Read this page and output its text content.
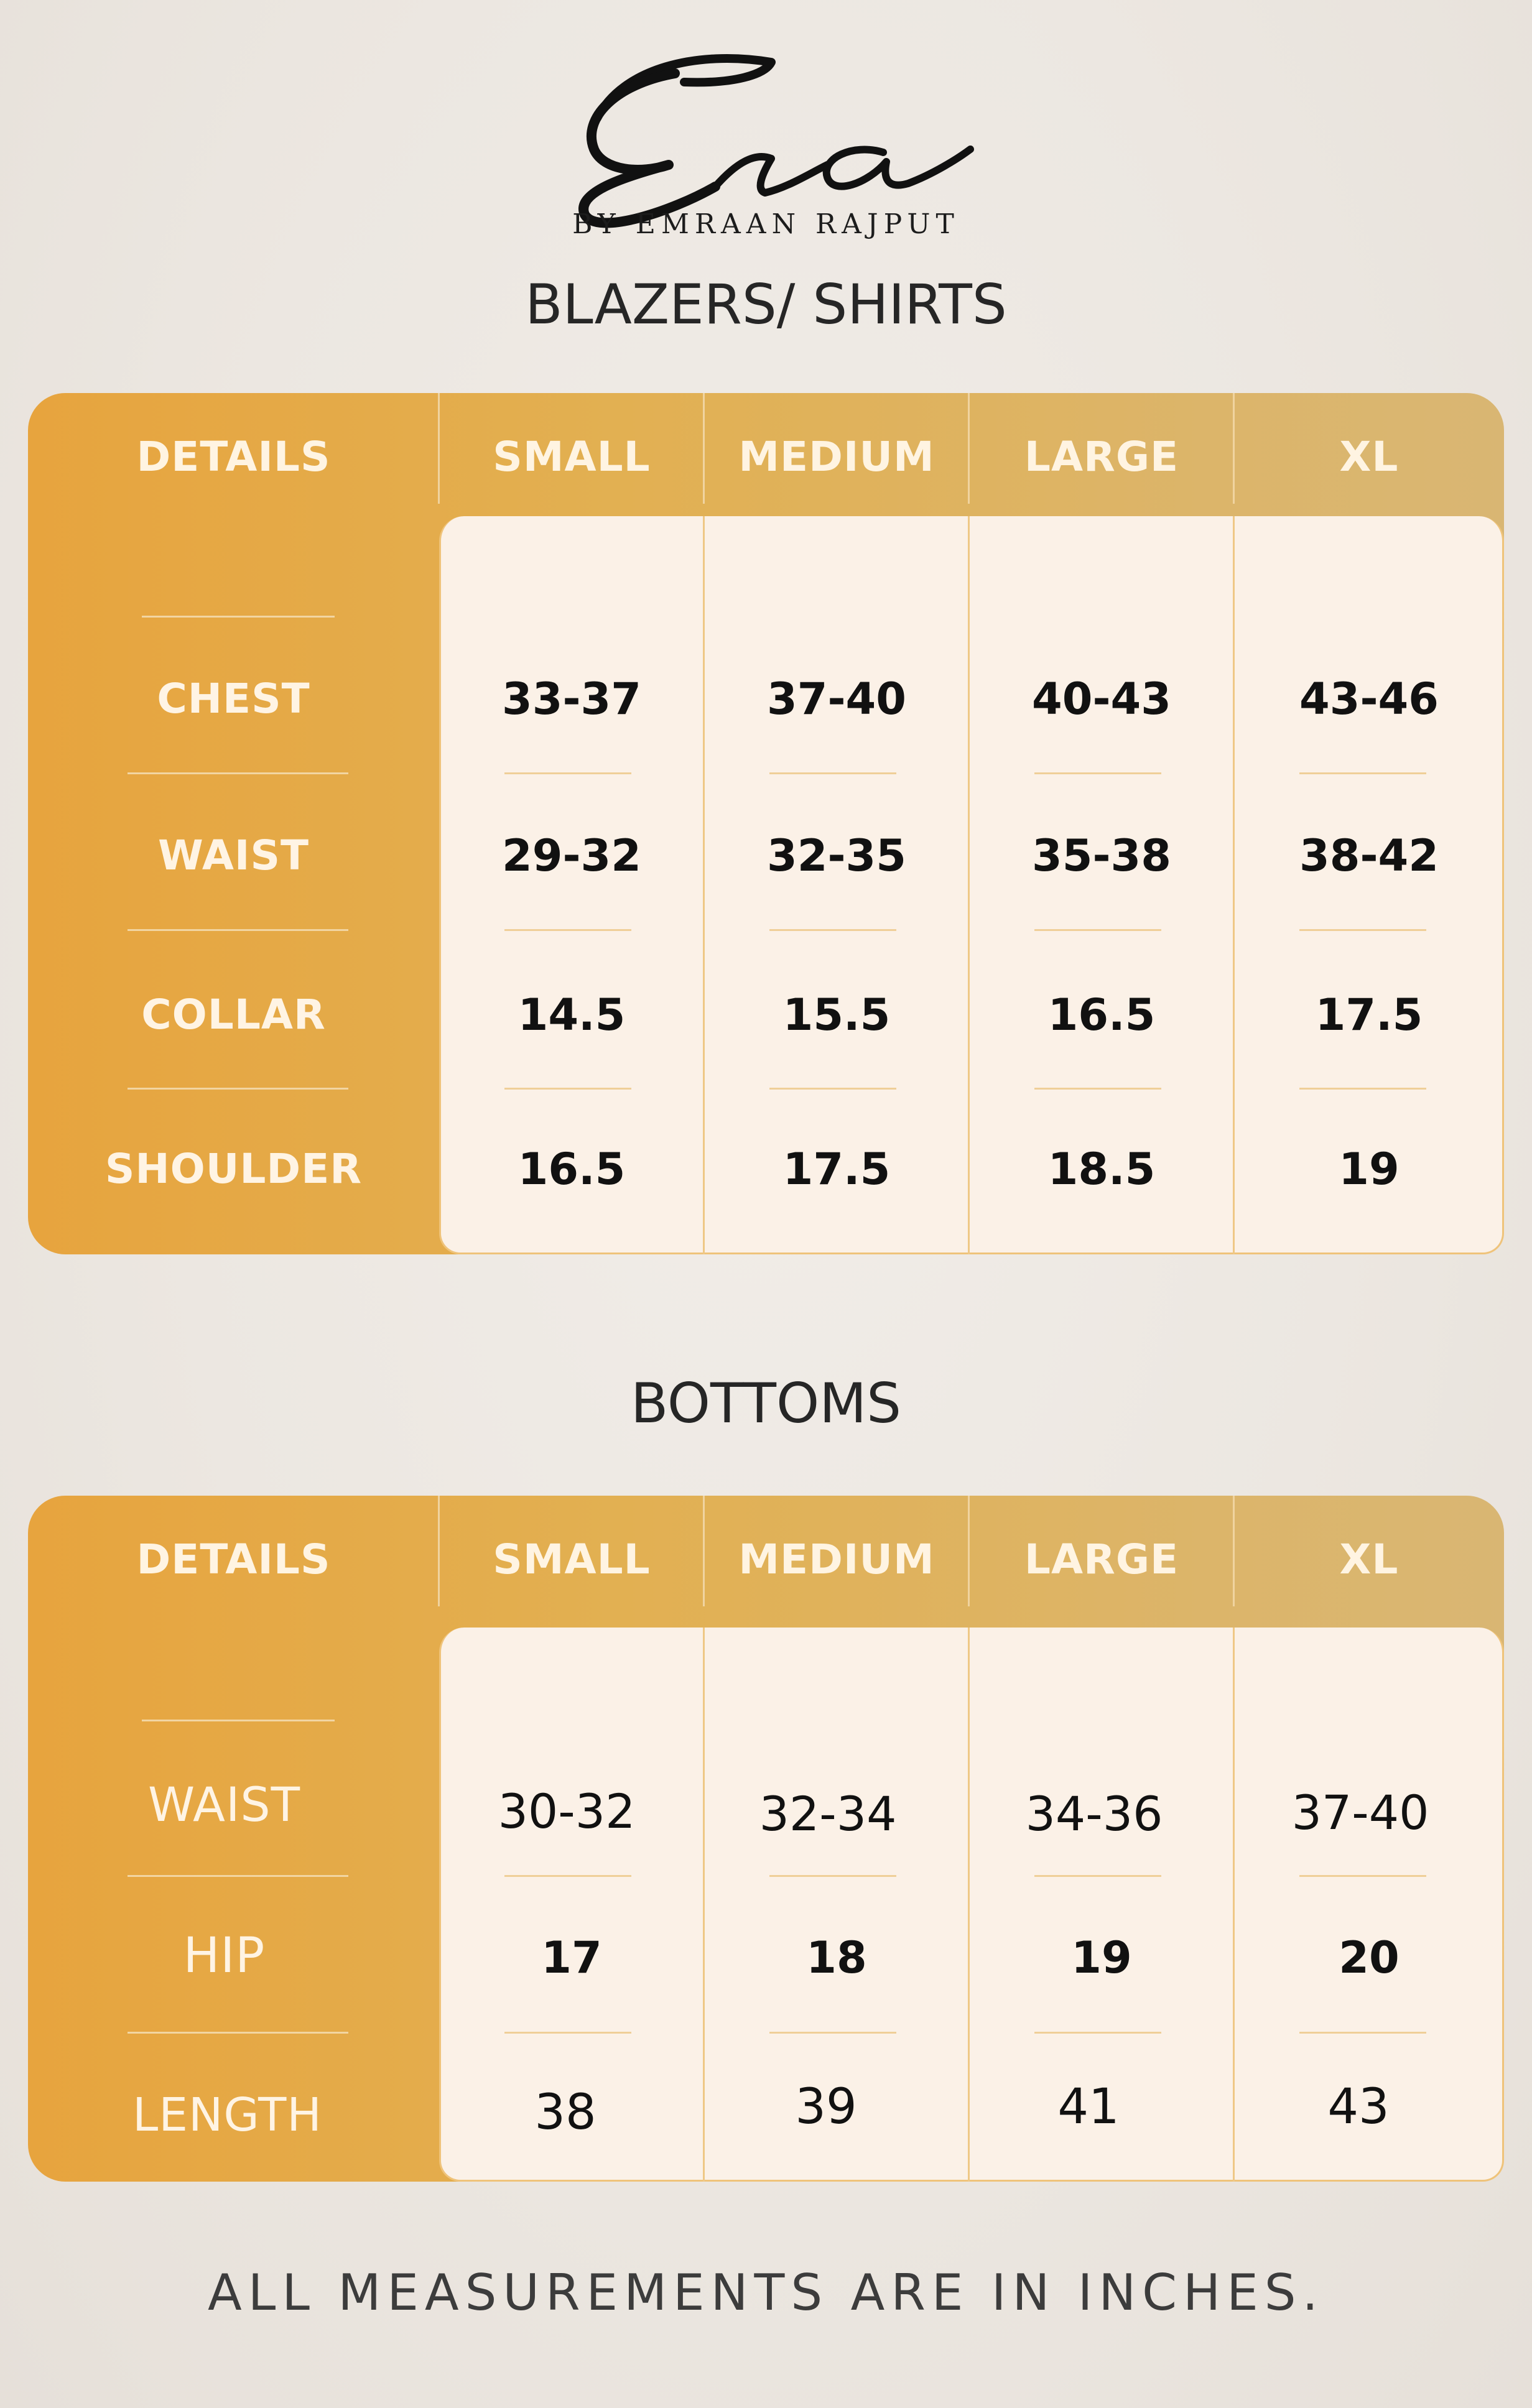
BY EMRAAN RAJPUT
BLAZERS/ SHIRTS
DETAILS	SMALL	MEDIUM	LARGE	XL
CHEST	33-37	37-40	40-43	43-46
WAIST	29-32	32-35	35-38	38-42
COLLAR	14.5	15.5	16.5	17.5
SHOULDER	16.5	17.5	18.5	19
BOTTOMS
DETAILS	SMALL	MEDIUM	LARGE	XL
WAIST	30-32	32-34	34-36	37-40
HIP	17	18	19	20
LENGTH	38	39	41	43
ALL MEASUREMENTS ARE IN INCHES.
